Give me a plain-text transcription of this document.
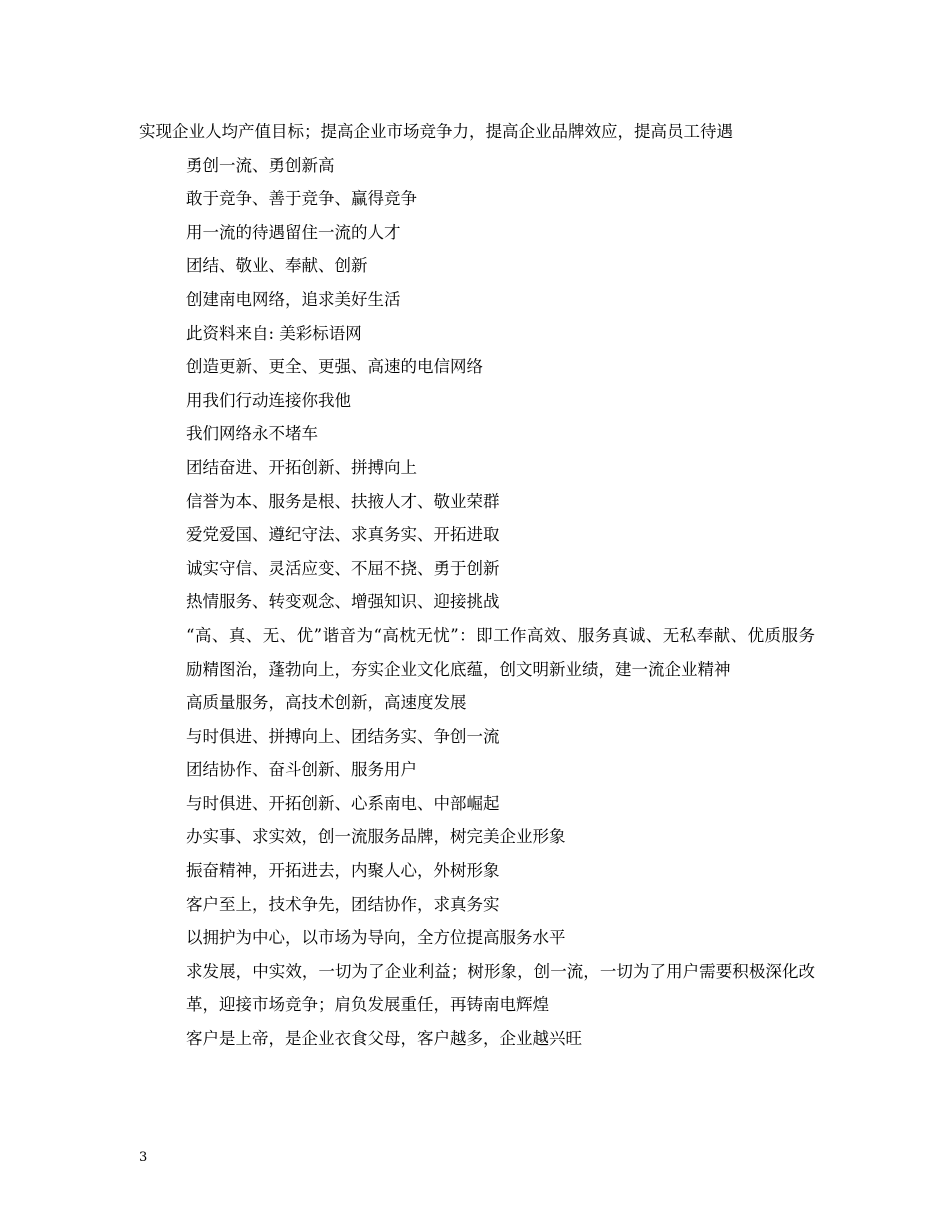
实现企业人均产值目标；提高企业市场竞争力，提高企业品牌效应，提高员工待遇

勇创一流、勇创新高

敢于竞争、善于竞争、赢得竞争

用一流的待遇留住一流的人才

团结、敬业、奉献、创新

创建南电网络，追求美好生活

此资料来自: 美彩标语网

创造更新、更全、更强、高速的电信网络

用我们行动连接你我他

我们网络永不堵车

团结奋进、开拓创新、拼搏向上

信誉为本、服务是根、扶掖人才、敬业荣群

爱党爱国、遵纪守法、求真务实、开拓进取

诚实守信、灵活应变、不屈不挠、勇于创新

热情服务、转变观念、增强知识、迎接挑战

“高、真、无、优”谐音为“高枕无忧”：即工作高效、服务真诚、无私奉献、优质服务　励精图治，蓬勃向上，夯实企业文化底蕴，创文明新业绩，建一流企业精神

高质量服务，高技术创新，高速度发展

与时俱进、拼搏向上、团结务实、争创一流

团结协作、奋斗创新、服务用户

与时俱进、开拓创新、心系南电、中部崛起

办实事、求实效，创一流服务品牌，树完美企业形象

振奋精神，开拓进去，内聚人心，外树形象

客户至上，技术争先，团结协作，求真务实

以拥护为中心，以市场为导向，全方位提高服务水平

求发展，中实效，一切为了企业利益；树形象，创一流，一切为了用户需要积极深化改革，迎接市场竞争；肩负发展重任，再铸南电辉煌

客户是上帝，是企业衣食父母，客户越多，企业越兴旺

3
